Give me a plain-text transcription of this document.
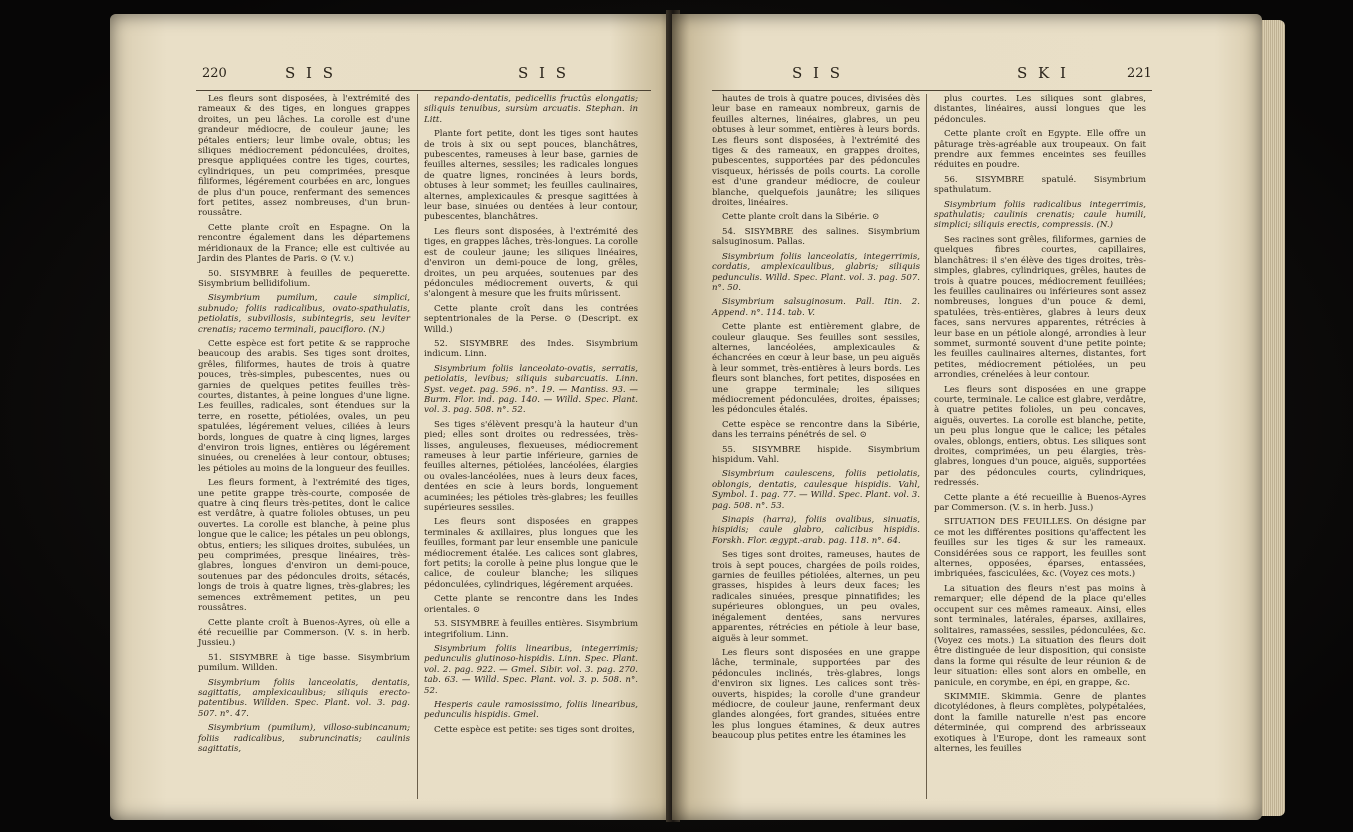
220	S I S	S I S

Les fleurs sont disposées, à l'extrémité des rameaux & des tiges, en longues grappes droites, un peu lâches. La corolle est d'une grandeur médiocre, de couleur jaune; les pétales entiers; leur limbe ovale, obtus; les siliques médiocrement pédonculées, droites, presque appliquées contre les tiges, courtes, cylindriques, un peu comprimées, presque filiformes, légérement courbées en arc, longues de plus d'un pouce, renfermant des semences fort petites, assez nombreuses, d'un brun-roussâtre.

Cette plante croît en Espagne. On la rencontre également dans les départemens méridionaux de la France; elle est cultivée au Jardin des Plantes de Paris. ⊙ (V. v.)

50. SISYMBRE à feuilles de pequerette. Sisymbrium bellidifolium.

Sisymbrium pumilum, caule simplici, subnudo; foliis radicalibus, ovato-spathulatis, petiolatis, subvillosis, subintegris, seu leviter crenatis; racemo terminali, paucifloro. (N.)

Cette espèce est fort petite & se rapproche beaucoup des arabis. Ses tiges sont droites, grêles, filiformes, hautes de trois à quatre pouces, très-simples, pubescentes, nues ou garnies de quelques petites feuilles très-courtes, distantes, à peine longues d'une ligne. Les feuilles, radicales, sont étendues sur la terre, en rosette, pétiolées, ovales, un peu spatulées, légérement velues, ciliées à leurs bords, longues de quatre à cinq lignes, larges d'environ trois lignes, entières ou légérement sinuées, ou crenelées à leur contour, obtuses; les pétioles au moins de la longueur des feuilles.

Les fleurs forment, à l'extrémité des tiges, une petite grappe très-courte, composée de quatre à cinq fleurs très-petites, dont le calice est verdâtre, à quatre folioles obtuses, un peu ouvertes. La corolle est blanche, à peine plus longue que le calice; les pétales un peu oblongs, obtus, entiers; les siliques droites, subulées, un peu comprimées, presque linéaires, très-glabres, longues d'environ un demi-pouce, soutenues par des pédoncules droits, sétacés, longs de trois à quatre lignes, très-glabres; les semences extrêmement petites, un peu roussâtres.

Cette plante croît à Buenos-Ayres, où elle a été recueillie par Commerson. (V. s. in herb. Jussieu.)

51. SISYMBRE à tige basse. Sisymbrium pumilum. Willden.

Sisymbrium foliis lanceolatis, dentatis, sagittatis, amplexicaulibus; siliquis erecto-patentibus. Willden. Spec. Plant. vol. 3. pag. 507. n°. 47.

Sisymbrium (pumilum), villoso-subincanum; foliis radicalibus, subruncinatis; caulinis sagittatis,

repando-dentatis, pedicellis fructûs elongatis; siliquis tenuibus, sursùm arcuatis. Stephan. in Litt.

Plante fort petite, dont les tiges sont hautes de trois à six ou sept pouces, blanchâtres, pubescentes, rameuses à leur base, garnies de feuilles alternes, sessiles; les radicales longues de quatre lignes, roncinées à leurs bords, obtuses à leur sommet; les feuilles caulinaires, alternes, amplexicaules & presque sagittées à leur base, sinuées ou dentées à leur contour, pubescentes, blanchâtres.

Les fleurs sont disposées, à l'extrémité des tiges, en grappes lâches, très-longues. La corolle est de couleur jaune; les siliques linéaires, d'environ un demi-pouce de long, grêles, droites, un peu arquées, soutenues par des pédoncules médiocrement ouverts, & qui s'alongent à mesure que les fruits mûrissent.

Cette plante croît dans les contrées septentrionales de la Perse. ⊙ (Descript. ex Willd.)

52. SISYMBRE des Indes. Sisymbrium indicum. Linn.

Sisymbrium foliis lanceolato-ovatis, serratis, petiolatis, levibus; siliquis subarcuatis. Linn. Syst. veget. pag. 596. n°. 19. — Mantiss. 93. — Burm. Flor. ind. pag. 140. — Willd. Spec. Plant. vol. 3. pag. 508. n°. 52.

Ses tiges s'élèvent presqu'à la hauteur d'un pied; elles sont droites ou redressées, très-lisses, anguleuses, flexueuses, médiocrement rameuses à leur partie inférieure, garnies de feuilles alternes, pétiolées, lancéolées, élargies ou ovales-lancéolées, nues à leurs deux faces, dentées en scie à leurs bords, longuement acuminées; les pétioles très-glabres; les feuilles supérieures sessiles.

Les fleurs sont disposées en grappes terminales & axillaires, plus longues que les feuilles, formant par leur ensemble une panicule médiocrement étalée. Les calices sont glabres, fort petits; la corolle à peine plus longue que le calice, de couleur blanche; les siliques pédonculées, cylindriques, légérement arquées.

Cette plante se rencontre dans les Indes orientales. ⊙

53. SISYMBRE à feuilles entières. Sisymbrium integrifolium. Linn.

Sisymbrium foliis linearibus, integerrimis; pedunculis glutinoso-hispidis. Linn. Spec. Plant. vol. 2. pag. 922. — Gmel. Sibir. vol. 3. pag. 270. tab. 63. — Willd. Spec. Plant. vol. 3. p. 508. n°. 52.

Hesperis caule ramosissimo, foliis linearibus, pedunculis hispidis. Gmel.

Cette espèce est petite: ses tiges sont droites,

S I S	S K I	221

hautes de trois à quatre pouces, divisées dès leur base en rameaux nombreux, garnis de feuilles alternes, linéaires, glabres, un peu obtuses à leur sommet, entières à leurs bords. Les fleurs sont disposées, à l'extrémité des tiges & des rameaux, en grappes droites, pubescentes, supportées par des pédoncules visqueux, hérissés de poils courts. La corolle est d'une grandeur médiocre, de couleur blanche, quelquefois jaunâtre; les siliques droites, linéaires.

Cette plante croît dans la Sibérie. ⊙

54. SISYMBRE des salines. Sisymbrium salsuginosum. Pallas.

Sisymbrium foliis lanceolatis, integerrimis, cordatis, amplexicaulibus, glabris; siliquis pedunculis. Willd. Spec. Plant. vol. 3. pag. 507. n°. 50.

Sisymbrium salsuginosum. Pall. Itin. 2. Append. n°. 114. tab. V.

Cette plante est entièrement glabre, de couleur glauque. Ses feuilles sont sessiles, alternes, lancéolées, amplexicaules & échancrées en cœur à leur base, un peu aiguës à leur sommet, très-entières à leurs bords. Les fleurs sont blanches, fort petites, disposées en une grappe terminale; les siliques médiocrement pédonculées, droites, épaisses; les pédoncules étalés.

Cette espèce se rencontre dans la Sibérie, dans les terrains pénétrés de sel. ⊙

55. SISYMBRE hispide. Sisymbrium hispidum. Vahl.

Sisymbrium caulescens, foliis petiolatis, oblongis, dentatis, caulesque hispidis. Vahl, Symbol. 1. pag. 77. — Willd. Spec. Plant. vol. 3. pag. 508. n°. 53.

Sinapis (harra), foliis ovalibus, sinuatis, hispidis; caule glabro, calicibus hispidis. Forskh. Flor. ægypt.-arab. pag. 118. n°. 64.

Ses tiges sont droites, rameuses, hautes de trois à sept pouces, chargées de poils roides, garnies de feuilles pétiolées, alternes, un peu grasses, hispides à leurs deux faces; les radicales sinuées, presque pinnatifides; les supérieures oblongues, un peu ovales, inégalement dentées, sans nervures apparentes, rétrécies en pétiole à leur base, aiguës à leur sommet.

Les fleurs sont disposées en une grappe lâche, terminale, supportées par des pédoncules inclinés, très-glabres, longs d'environ six lignes. Les calices sont très-ouverts, hispides; la corolle d'une grandeur médiocre, de couleur jaune, renfermant deux glandes alongées, fort grandes, situées entre les plus longues étamines, & deux autres beaucoup plus petites entre les étamines les

plus courtes. Les siliques sont glabres, distantes, linéaires, aussi longues que les pédoncules.

Cette plante croît en Egypte. Elle offre un pâturage très-agréable aux troupeaux. On fait prendre aux femmes enceintes ses feuilles réduites en poudre.

56. SISYMBRE spatulé. Sisymbrium spathulatum.

Sisymbrium foliis radicalibus integerrimis, spathulatis; caulinis crenatis; caule humili, simplici; siliquis erectis, compressis. (N.)

Ses racines sont grêles, filiformes, garnies de quelques fibres courtes, capillaires, blanchâtres: il s'en élève des tiges droites, très-simples, glabres, cylindriques, grêles, hautes de trois à quatre pouces, médiocrement feuillées; les feuilles caulinaires ou inférieures sont assez nombreuses, longues d'un pouce & demi, spatulées, très-entières, glabres à leurs deux faces, sans nervures apparentes, rétrécies à leur base en un pétiole alongé, arrondies à leur sommet, surmonté souvent d'une petite pointe; les feuilles caulinaires alternes, distantes, fort petites, médiocrement pétiolées, un peu arrondies, crénelées à leur contour.

Les fleurs sont disposées en une grappe courte, terminale. Le calice est glabre, verdâtre, à quatre petites folioles, un peu concaves, aiguës, ouvertes. La corolle est blanche, petite, un peu plus longue que le calice; les pétales ovales, oblongs, entiers, obtus. Les siliques sont droites, comprimées, un peu élargies, très-glabres, longues d'un pouce, aiguës, supportées par des pédoncules courts, cylindriques, redressés.

Cette plante a été recueillie à Buenos-Ayres par Commerson. (V. s. in herb. Juss.)

SITUATION DES FEUILLES. On désigne par ce mot les différentes positions qu'affectent les feuilles sur les tiges & sur les rameaux. Considérées sous ce rapport, les feuilles sont alternes, opposées, éparses, entassées, imbriquées, fasciculées, &c. (Voyez ces mots.)

La situation des fleurs n'est pas moins à remarquer; elle dépend de la place qu'elles occupent sur ces mêmes rameaux. Ainsi, elles sont terminales, latérales, éparses, axillaires, solitaires, ramassées, sessiles, pédonculées, &c. (Voyez ces mots.) La situation des fleurs doit être distinguée de leur disposition, qui consiste dans la forme qui résulte de leur réunion & de leur situation: elles sont alors en ombelle, en panicule, en corymbe, en épi, en grappe, &c.

SKIMMIE. Skimmia. Genre de plantes dicotylédones, à fleurs complètes, polypétalées, dont la famille naturelle n'est pas encore déterminée, qui comprend des arbrisseaux exotiques à l'Europe, dont les rameaux sont alternes, les feuilles
